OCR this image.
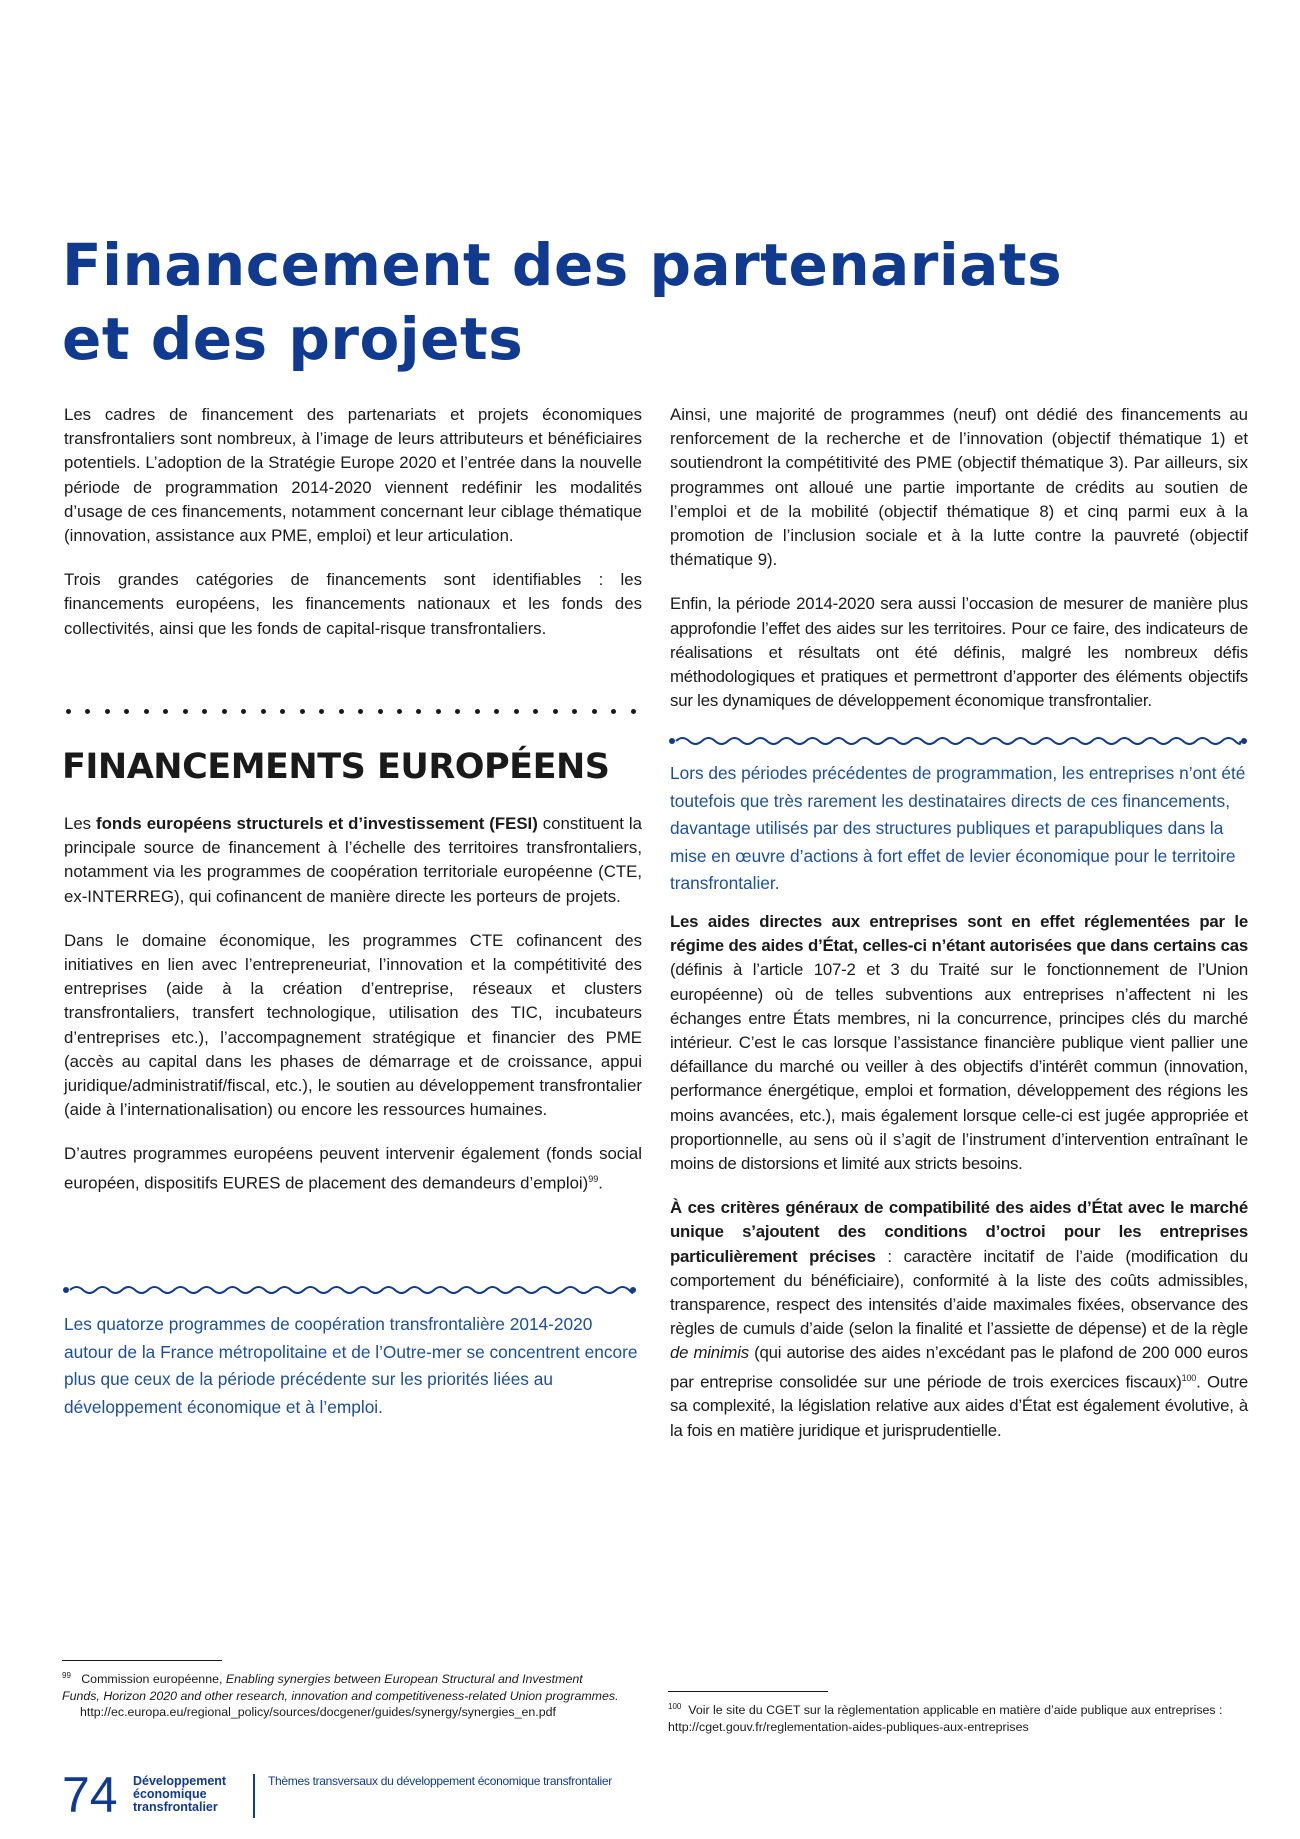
Financement des partenariats
et des projets

Les cadres de financement des partenariats et projets économiques transfrontaliers sont nombreux, à l’image de leurs attributeurs et bénéficiaires potentiels. L’adoption de la Stratégie Europe 2020 et l’entrée dans la nouvelle période de programmation 2014-2020 viennent redéfinir les modalités d’usage de ces financements, notamment concernant leur ciblage thématique (innovation, assistance aux PME, emploi) et leur articulation.

Trois grandes catégories de financements sont identifiables : les financements européens, les financements nationaux et les fonds des collectivités, ainsi que les fonds de capital-risque transfrontaliers.

FINANCEMENTS EUROPÉENS

Les fonds européens structurels et d’investissement (FESI) constituent la principale source de financement à l’échelle des territoires transfrontaliers, notamment via les programmes de coopération territoriale européenne (CTE, ex-INTERREG), qui cofinancent de manière directe les porteurs de projets.

Dans le domaine économique, les programmes CTE cofinancent des initiatives en lien avec l’entrepreneuriat, l’innovation et la compétitivité des entreprises (aide à la création d’entreprise, réseaux et clusters transfrontaliers, transfert technologique, utilisation des TIC, incubateurs d’entreprises etc.), l’accompagnement stratégique et financier des PME (accès au capital dans les phases de démarrage et de croissance, appui juridique/administratif/fiscal, etc.), le soutien au développement transfrontalier (aide à l’internationalisation) ou encore les ressources humaines.

D’autres programmes européens peuvent intervenir également (fonds social européen, dispositifs EURES de placement des demandeurs d’emploi)$^{99}$.

Les quatorze programmes de coopération transfrontalière 2014-2020 autour de la France métropolitaine et de l’Outre-mer se concentrent encore plus que ceux de la période précédente sur les priorités liées au développement économique et à l’emploi.

Ainsi, une majorité de programmes (neuf) ont dédié des financements au renforcement de la recherche et de l’innovation (objectif thématique 1) et soutiendront la compétitivité des PME (objectif thématique 3). Par ailleurs, six programmes ont alloué une partie importante de crédits au soutien de l’emploi et de la mobilité (objectif thématique 8) et cinq parmi eux à la promotion de l’inclusion sociale et à la lutte contre la pauvreté (objectif thématique 9).

Enfin, la période 2014-2020 sera aussi l’occasion de mesurer de manière plus approfondie l’effet des aides sur les territoires. Pour ce faire, des indicateurs de réalisations et résultats ont été définis, malgré les nombreux défis méthodologiques et pratiques et permettront d’apporter des éléments objectifs sur les dynamiques de développement économique transfrontalier.

Lors des périodes précédentes de programmation, les entreprises n’ont été toutefois que très rarement les destinataires directs de ces financements, davantage utilisés par des structures publiques et parapubliques dans la mise en œuvre d’actions à fort effet de levier économique pour le territoire transfrontalier.

Les aides directes aux entreprises sont en effet réglementées par le régime des aides d’État, celles-ci n’étant autorisées que dans certains cas (définis à l’article 107-2 et 3 du Traité sur le fonctionnement de l’Union européenne) où de telles subventions aux entreprises n’affectent ni les échanges entre États membres, ni la concurrence, principes clés du marché intérieur. C’est le cas lorsque l’assistance financière publique vient pallier une défaillance du marché ou veiller à des objectifs d’intérêt commun (innovation, performance énergétique, emploi et formation, développement des régions les moins avancées, etc.), mais également lorsque celle-ci est jugée appropriée et proportionnelle, au sens où il s’agit de l’instrument d’intervention entraînant le moins de distorsions et limité aux stricts besoins.

À ces critères généraux de compatibilité des aides d’État avec le marché unique s’ajoutent des conditions d’octroi pour les entreprises particulièrement précises : caractère incitatif de l’aide (modification du comportement du bénéficiaire), conformité à la liste des coûts admissibles, transparence, respect des intensités d’aide maximales fixées, observance des règles de cumuls d’aide (selon la finalité et l’assiette de dépense) et de la règle de minimis (qui autorise des aides n’excédant pas le plafond de 200 000 euros par entreprise consolidée sur une période de trois exercices fiscaux)$^{100}$. Outre sa complexité, la législation relative aux aides d’État est également évolutive, à la fois en matière juridique et jurisprudentielle.

$^{99}$ Commission européenne, Enabling synergies between European Structural and Investment Funds, Horizon 2020 and other research, innovation and competitiveness-related Union programmes.
http://ec.europa.eu/regional_policy/sources/docgener/guides/synergy/synergies_en.pdf	$^{100}$ Voir le site du CGET sur la règlementation applicable en matière d’aide publique aux entreprises : http://cget.gouv.fr/reglementation-aides-publiques-aux-entreprises
74 Développement
économique
transfrontalier
Thèmes transversaux du développement économique transfrontalier
